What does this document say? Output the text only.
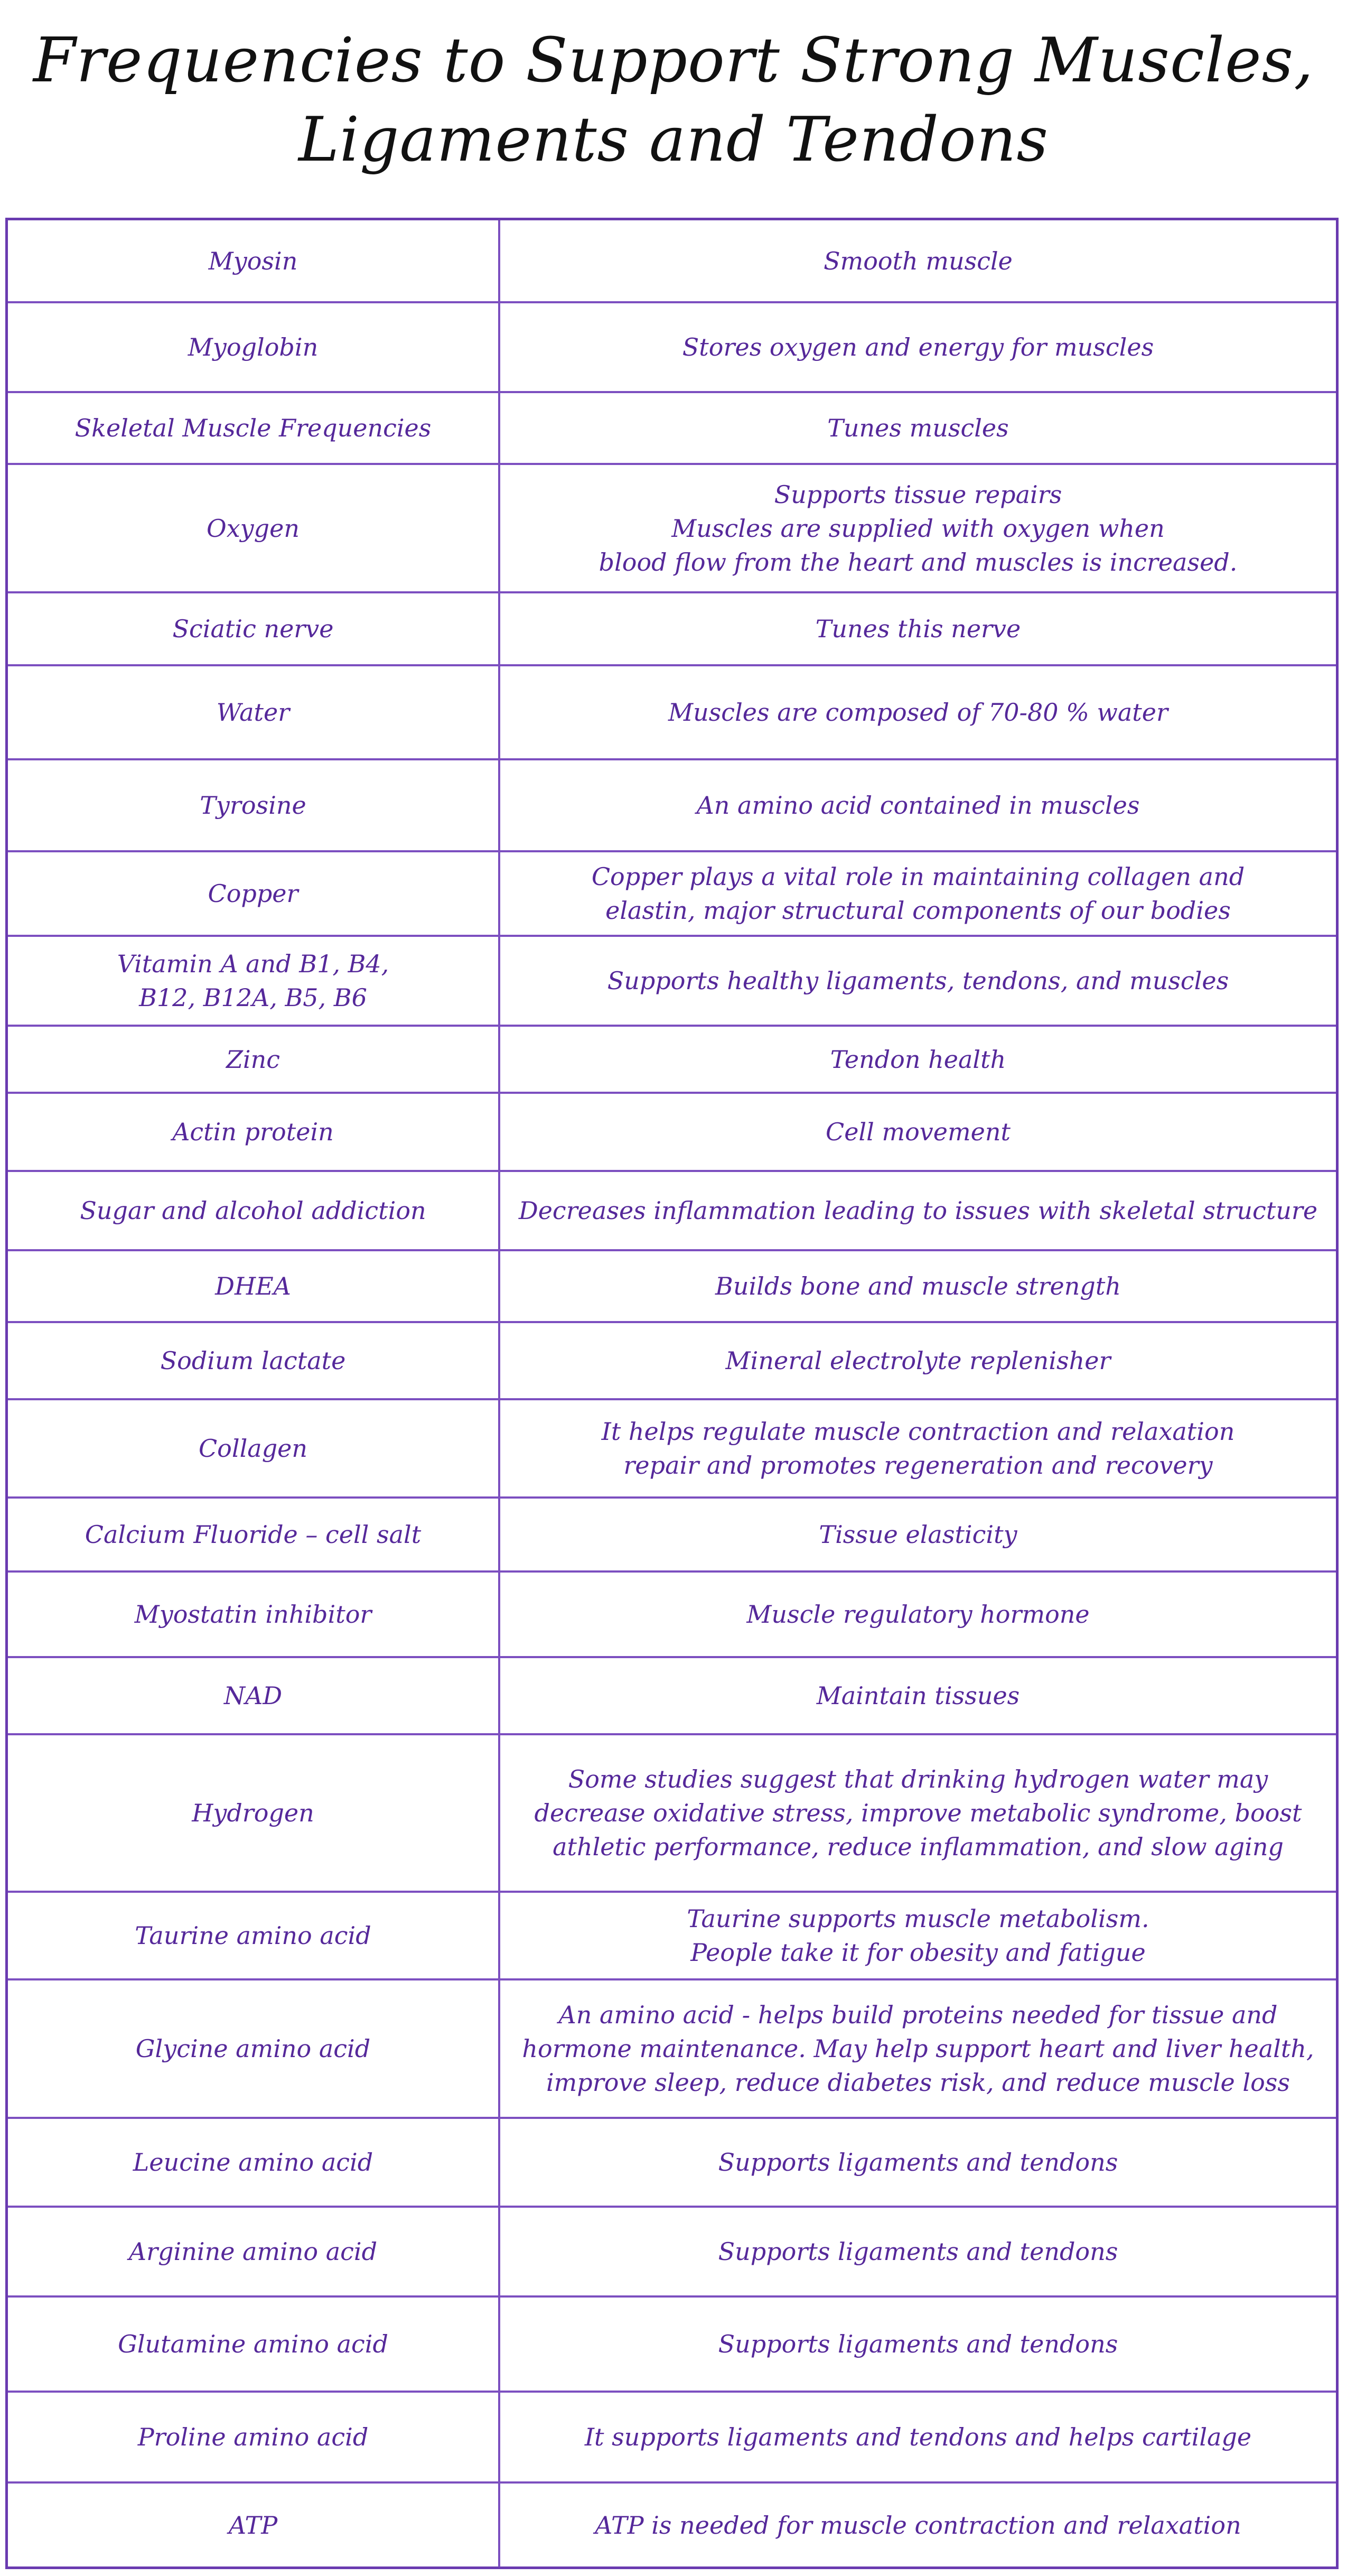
Frequencies to Support Strong Muscles,
Ligaments and Tendons
Myosin	Smooth muscle
Myoglobin	Stores oxygen and energy for muscles
Skeletal Muscle Frequencies	Tunes muscles
Oxygen	Supports tissue repairs
Muscles are supplied with oxygen when
blood flow from the heart and muscles is increased.
Sciatic nerve	Tunes this nerve
Water	Muscles are composed of 70-80 % water
Tyrosine	An amino acid contained in muscles
Copper	Copper plays a vital role in maintaining collagen and
elastin, major structural components of our bodies
Vitamin A and B1, B4,
B12, B12A, B5, B6	Supports healthy ligaments, tendons, and muscles
Zinc	Tendon health
Actin protein	Cell movement
Sugar and alcohol addiction	Decreases inflammation leading to issues with skeletal structure
DHEA	Builds bone and muscle strength
Sodium lactate	Mineral electrolyte replenisher
Collagen	It helps regulate muscle contraction and relaxation
repair and promotes regeneration and recovery
Calcium Fluoride – cell salt	Tissue elasticity
Myostatin inhibitor	Muscle regulatory hormone
NAD	Maintain tissues
Hydrogen	Some studies suggest that drinking hydrogen water may
decrease oxidative stress, improve metabolic syndrome, boost
athletic performance, reduce inflammation, and slow aging
Taurine amino acid	Taurine supports muscle metabolism.
People take it for obesity and fatigue
Glycine amino acid	An amino acid - helps build proteins needed for tissue and
hormone maintenance. May help support heart and liver health,
improve sleep, reduce diabetes risk, and reduce muscle loss
Leucine amino acid	Supports ligaments and tendons
Arginine amino acid	Supports ligaments and tendons
Glutamine amino acid	Supports ligaments and tendons
Proline amino acid	It supports ligaments and tendons and helps cartilage
ATP	ATP is needed for muscle contraction and relaxation
